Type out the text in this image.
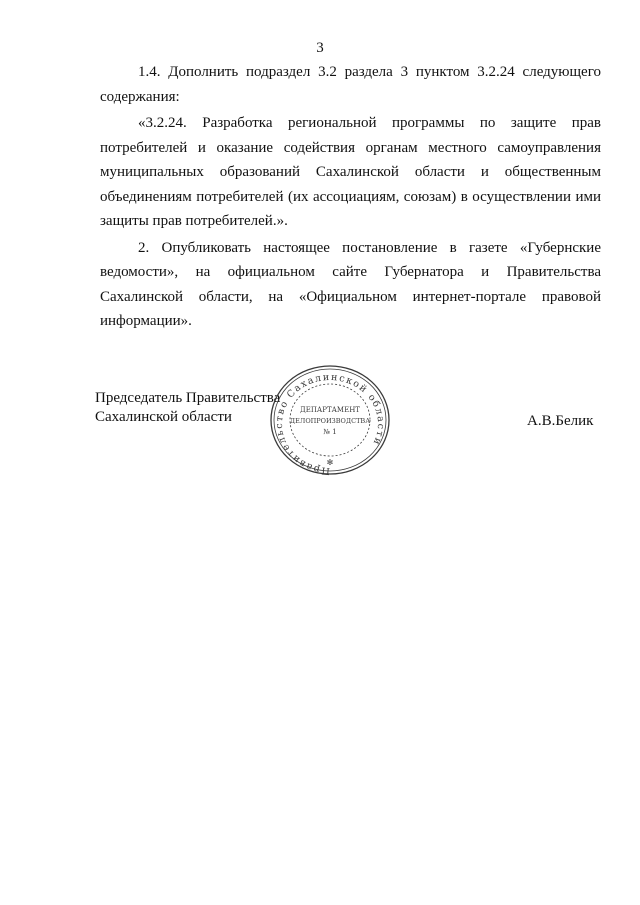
3

1.4. Дополнить подраздел 3.2 раздела 3 пунктом 3.2.24 следующего содержания:

«3.2.24. Разработка региональной программы по защите прав потребителей и оказание содействия органам местного самоуправления муниципальных образований Сахалинской области и общественным объединениям потребителей (их ассоциациям, союзам) в осуществлении ими защиты прав потребителей.».

2. Опубликовать настоящее постановление в газете «Губернские ведомости», на официальном сайте Губернатора и Правительства Сахалинской области, на «Официальном интернет-портале правовой информации».

Председатель Правительства
Сахалинской области	А.В.Белик
Правительство Сахалинской области
ДЕПАРТАМЕНТ
ДЕЛОПРОИЗВОДСТВА
№ 1
✻
